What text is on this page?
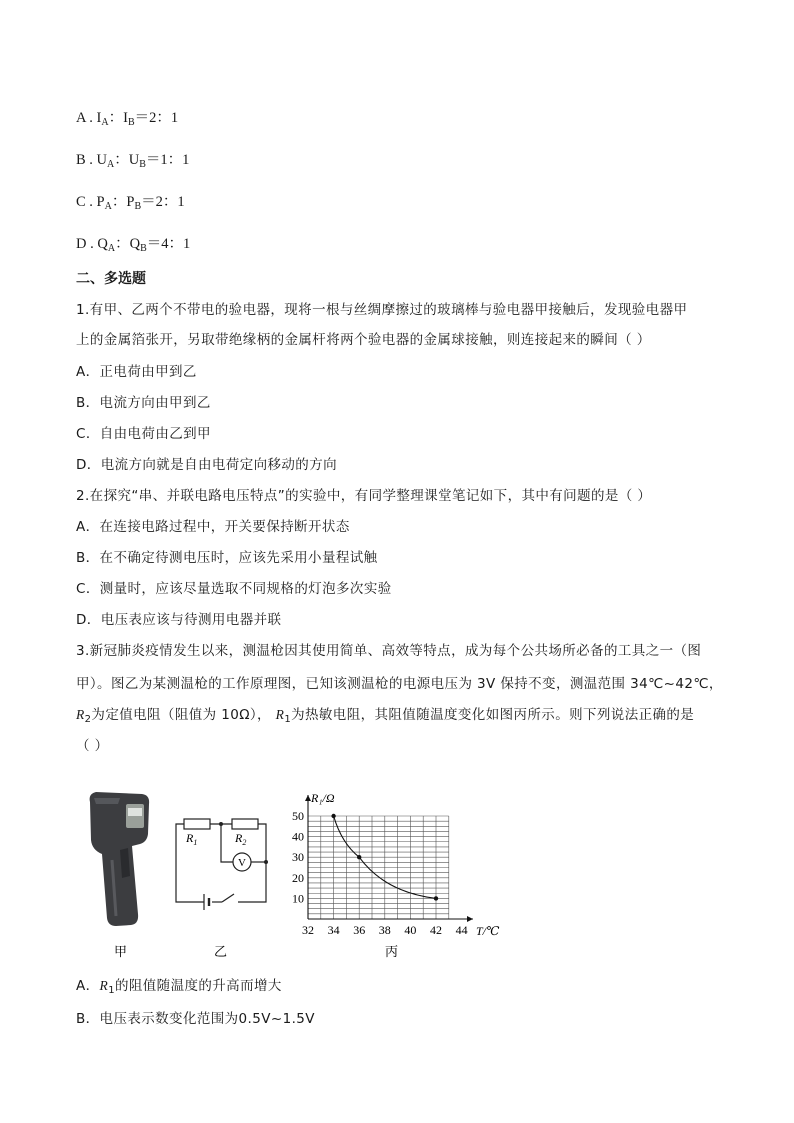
A . $I_A$：$I_B=2$：1
B . $U_A$：$U_B=1$：1
C . $P_A$：$P_B=2$：1
D . $Q_A$：$Q_B=4$：1
二、多选题
1.有甲、乙两个不带电的验电器，现将一根与丝绸摩擦过的玻璃棒与验电器甲接触后，发现验电器甲
上的金属箔张开，另取带绝缘柄的金属杆将两个验电器的金属球接触，则连接起来的瞬间（ ）
A．正电荷由甲到乙
B．电流方向由甲到乙
C．自由电荷由乙到甲
D．电流方向就是自由电荷定向移动的方向
2.在探究“串、并联电路电压特点”的实验中，有同学整理课堂笔记如下，其中有问题的是（ ）
A．在连接电路过程中，开关要保持断开状态
B．在不确定待测电压时，应该先采用小量程试触
C．测量时，应该尽量选取不同规格的灯泡多次实验
D．电压表应该与待测用电器并联
3.新冠肺炎疫情发生以来，测温枪因其使用简单、高效等特点，成为每个公共场所必备的工具之一（图
甲）。图乙为某测温枪的工作原理图，已知该测温枪的电源电压为 3V 保持不变，测温范围 34℃~42℃，
$R_2$为定值电阻（阻值为 10Ω）， $R_1$为热敏电阻，其阻值随温度变化如图丙所示。则下列说法正确的是
（ ）
甲
$R_1$	$R_2$
V
乙
32 34 36 38 40 42 44
10
20
30
40
50
R₁/Ω
T/℃
丙
A．$R_1$的阻值随温度的升高而增大
B．电压表示数变化范围为0.5V~1.5V
